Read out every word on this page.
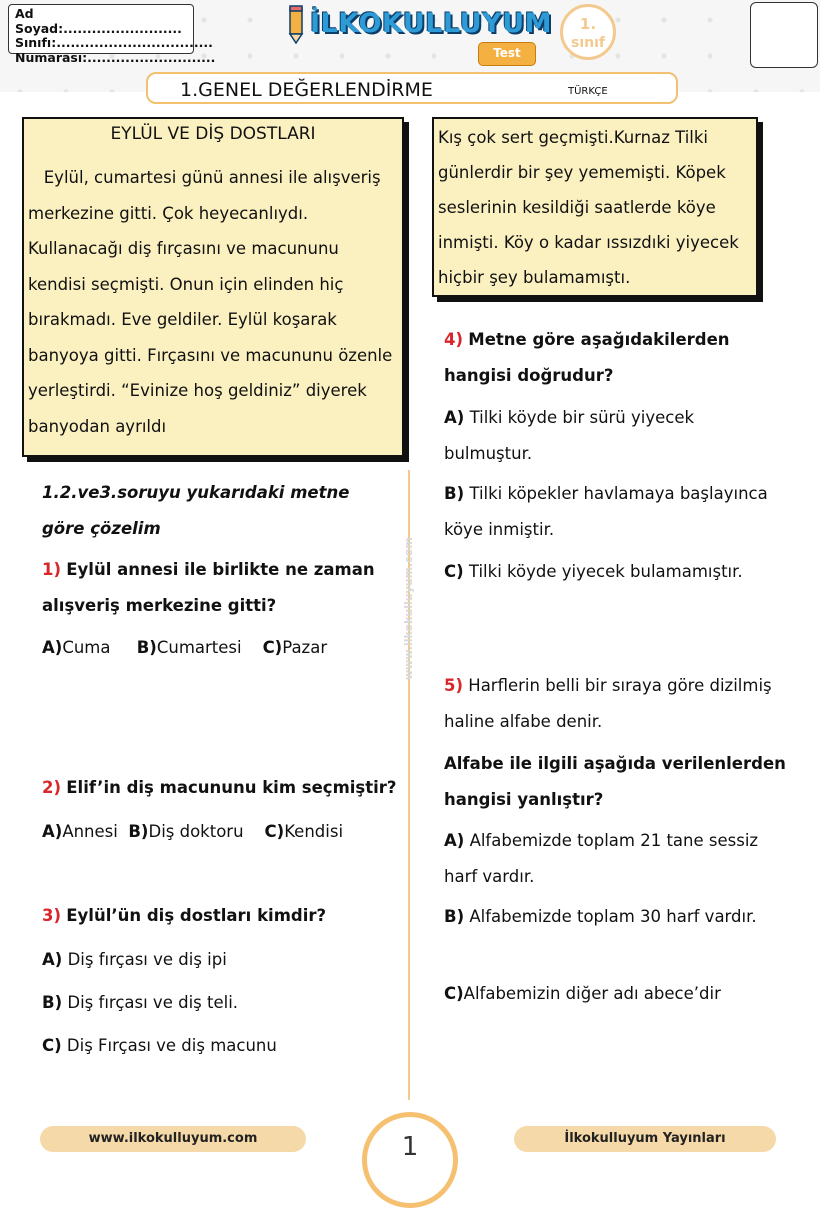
Ad Soyad:.........................
Sınıfı:.................................
Numarası:...........................
İLKOKULLUYUM
Test
1.
sınıf
1.GENEL DEĞERLENDİRME	TÜRKÇE
EYLÜL VE DİŞ DOSTLARI
Eylül, cumartesi günü annesi ile alışveriş merkezine gitti. Çok heyecanlıydı. Kullanacağı diş fırçasını ve macununu kendisi seçmişti. Onun için elinden hiç bırakmadı. Eve geldiler. Eylül koşarak banyoya gitti. Fırçasını ve macununu özenle yerleştirdi. “Evinize hoş geldiniz” diyerek banyodan ayrıldı
Kış çok sert geçmişti.Kurnaz Tilki günlerdir bir şey yememişti. Köpek seslerinin kesildiği saatlerde köye inmişti. Köy o kadar ıssızdıki yiyecek hiçbir şey bulamamıştı.
www.ilkokulluyum.com
1.2.ve3.soruyu yukarıdaki metne göre çözelim
1) Eylül annesi ile birlikte ne zaman alışveriş merkezine gitti?
A)Cuma B)Cumartesi C)Pazar
2) Elif’in diş macununu kim seçmiştir?
A)Annesi B)Diş doktoru C)Kendisi
3) Eylül’ün diş dostları kimdir?
A) Diş fırçası ve diş ipi
B) Diş fırçası ve diş teli.
C) Diş Fırçası ve diş macunu
4) Metne göre aşağıdakilerden hangisi doğrudur?
A) Tilki köyde bir sürü yiyecek bulmuştur.
B) Tilki köpekler havlamaya başlayınca köye inmiştir.
C) Tilki köyde yiyecek bulamamıştır.
5) Harflerin belli bir sıraya göre dizilmiş haline alfabe denir.
Alfabe ile ilgili aşağıda verilenlerden hangisi yanlıştır?
A) Alfabemizde toplam 21 tane sessiz harf vardır.
B) Alfabemizde toplam 30 harf vardır.
C)Alfabemizin diğer adı abece’dir
www.ilkokulluyum.com	1	İlkokulluyum Yayınları
